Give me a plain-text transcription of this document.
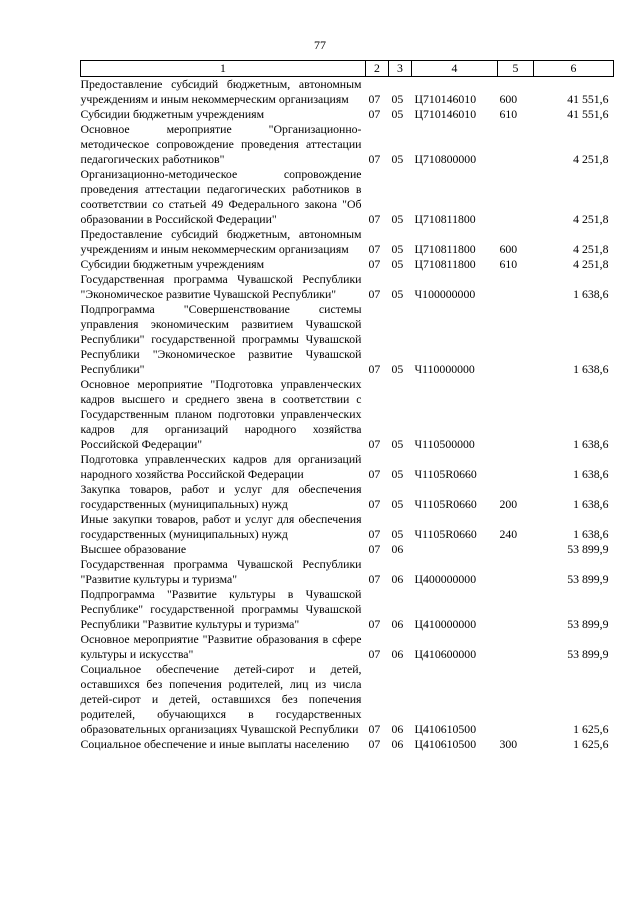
77
1	2	3	4	5	6
Предоставление субсидий бюджетным, автономным учреждениям и иным некоммерческим организациям	07	05	Ц710146010	600	41 551,6
Субсидии бюджетным учреждениям	07	05	Ц710146010	610	41 551,6
Основное мероприятие "Организационно-методическое сопровождение проведения аттестации педагогических работников"	07	05	Ц710800000		4 251,8
Организационно-методическое сопровождение проведения аттестации педагогических работников в соответствии со статьей 49 Федерального закона "Об образовании в Российской Федерации"	07	05	Ц710811800		4 251,8
Предоставление субсидий бюджетным, автономным учреждениям и иным некоммерческим организациям	07	05	Ц710811800	600	4 251,8
Субсидии бюджетным учреждениям	07	05	Ц710811800	610	4 251,8
Государственная программа Чувашской Республики "Экономическое развитие Чувашской Республики"	07	05	Ч100000000		1 638,6
Подпрограмма "Совершенствование системы управления экономическим развитием Чувашской Республики" государственной программы Чувашской Республики "Экономическое развитие Чувашской Республики"	07	05	Ч110000000		1 638,6
Основное мероприятие "Подготовка управленческих кадров высшего и среднего звена в соответствии с Государственным планом подготовки управленческих кадров для организаций народного хозяйства Российской Федерации"	07	05	Ч110500000		1 638,6
Подготовка управленческих кадров для организаций народного хозяйства Российской Федерации	07	05	Ч1105R0660		1 638,6
Закупка товаров, работ и услуг для обеспечения государственных (муниципальных) нужд	07	05	Ч1105R0660	200	1 638,6
Иные закупки товаров, работ и услуг для обеспечения государственных (муниципальных) нужд	07	05	Ч1105R0660	240	1 638,6
Высшее образование	07	06			53 899,9
Государственная программа Чувашской Республики "Развитие культуры и туризма"	07	06	Ц400000000		53 899,9
Подпрограмма "Развитие культуры в Чувашской Республике" государственной программы Чувашской Республики "Развитие культуры и туризма"	07	06	Ц410000000		53 899,9
Основное мероприятие "Развитие образования в сфере культуры и искусства"	07	06	Ц410600000		53 899,9
Социальное обеспечение детей-сирот и детей, оставшихся без попечения родителей, лиц из числа детей-сирот и детей, оставшихся без попечения родителей, обучающихся в государственных образовательных организациях Чувашской Республики	07	06	Ц410610500		1 625,6
Социальное обеспечение и иные выплаты населению	07	06	Ц410610500	300	1 625,6
